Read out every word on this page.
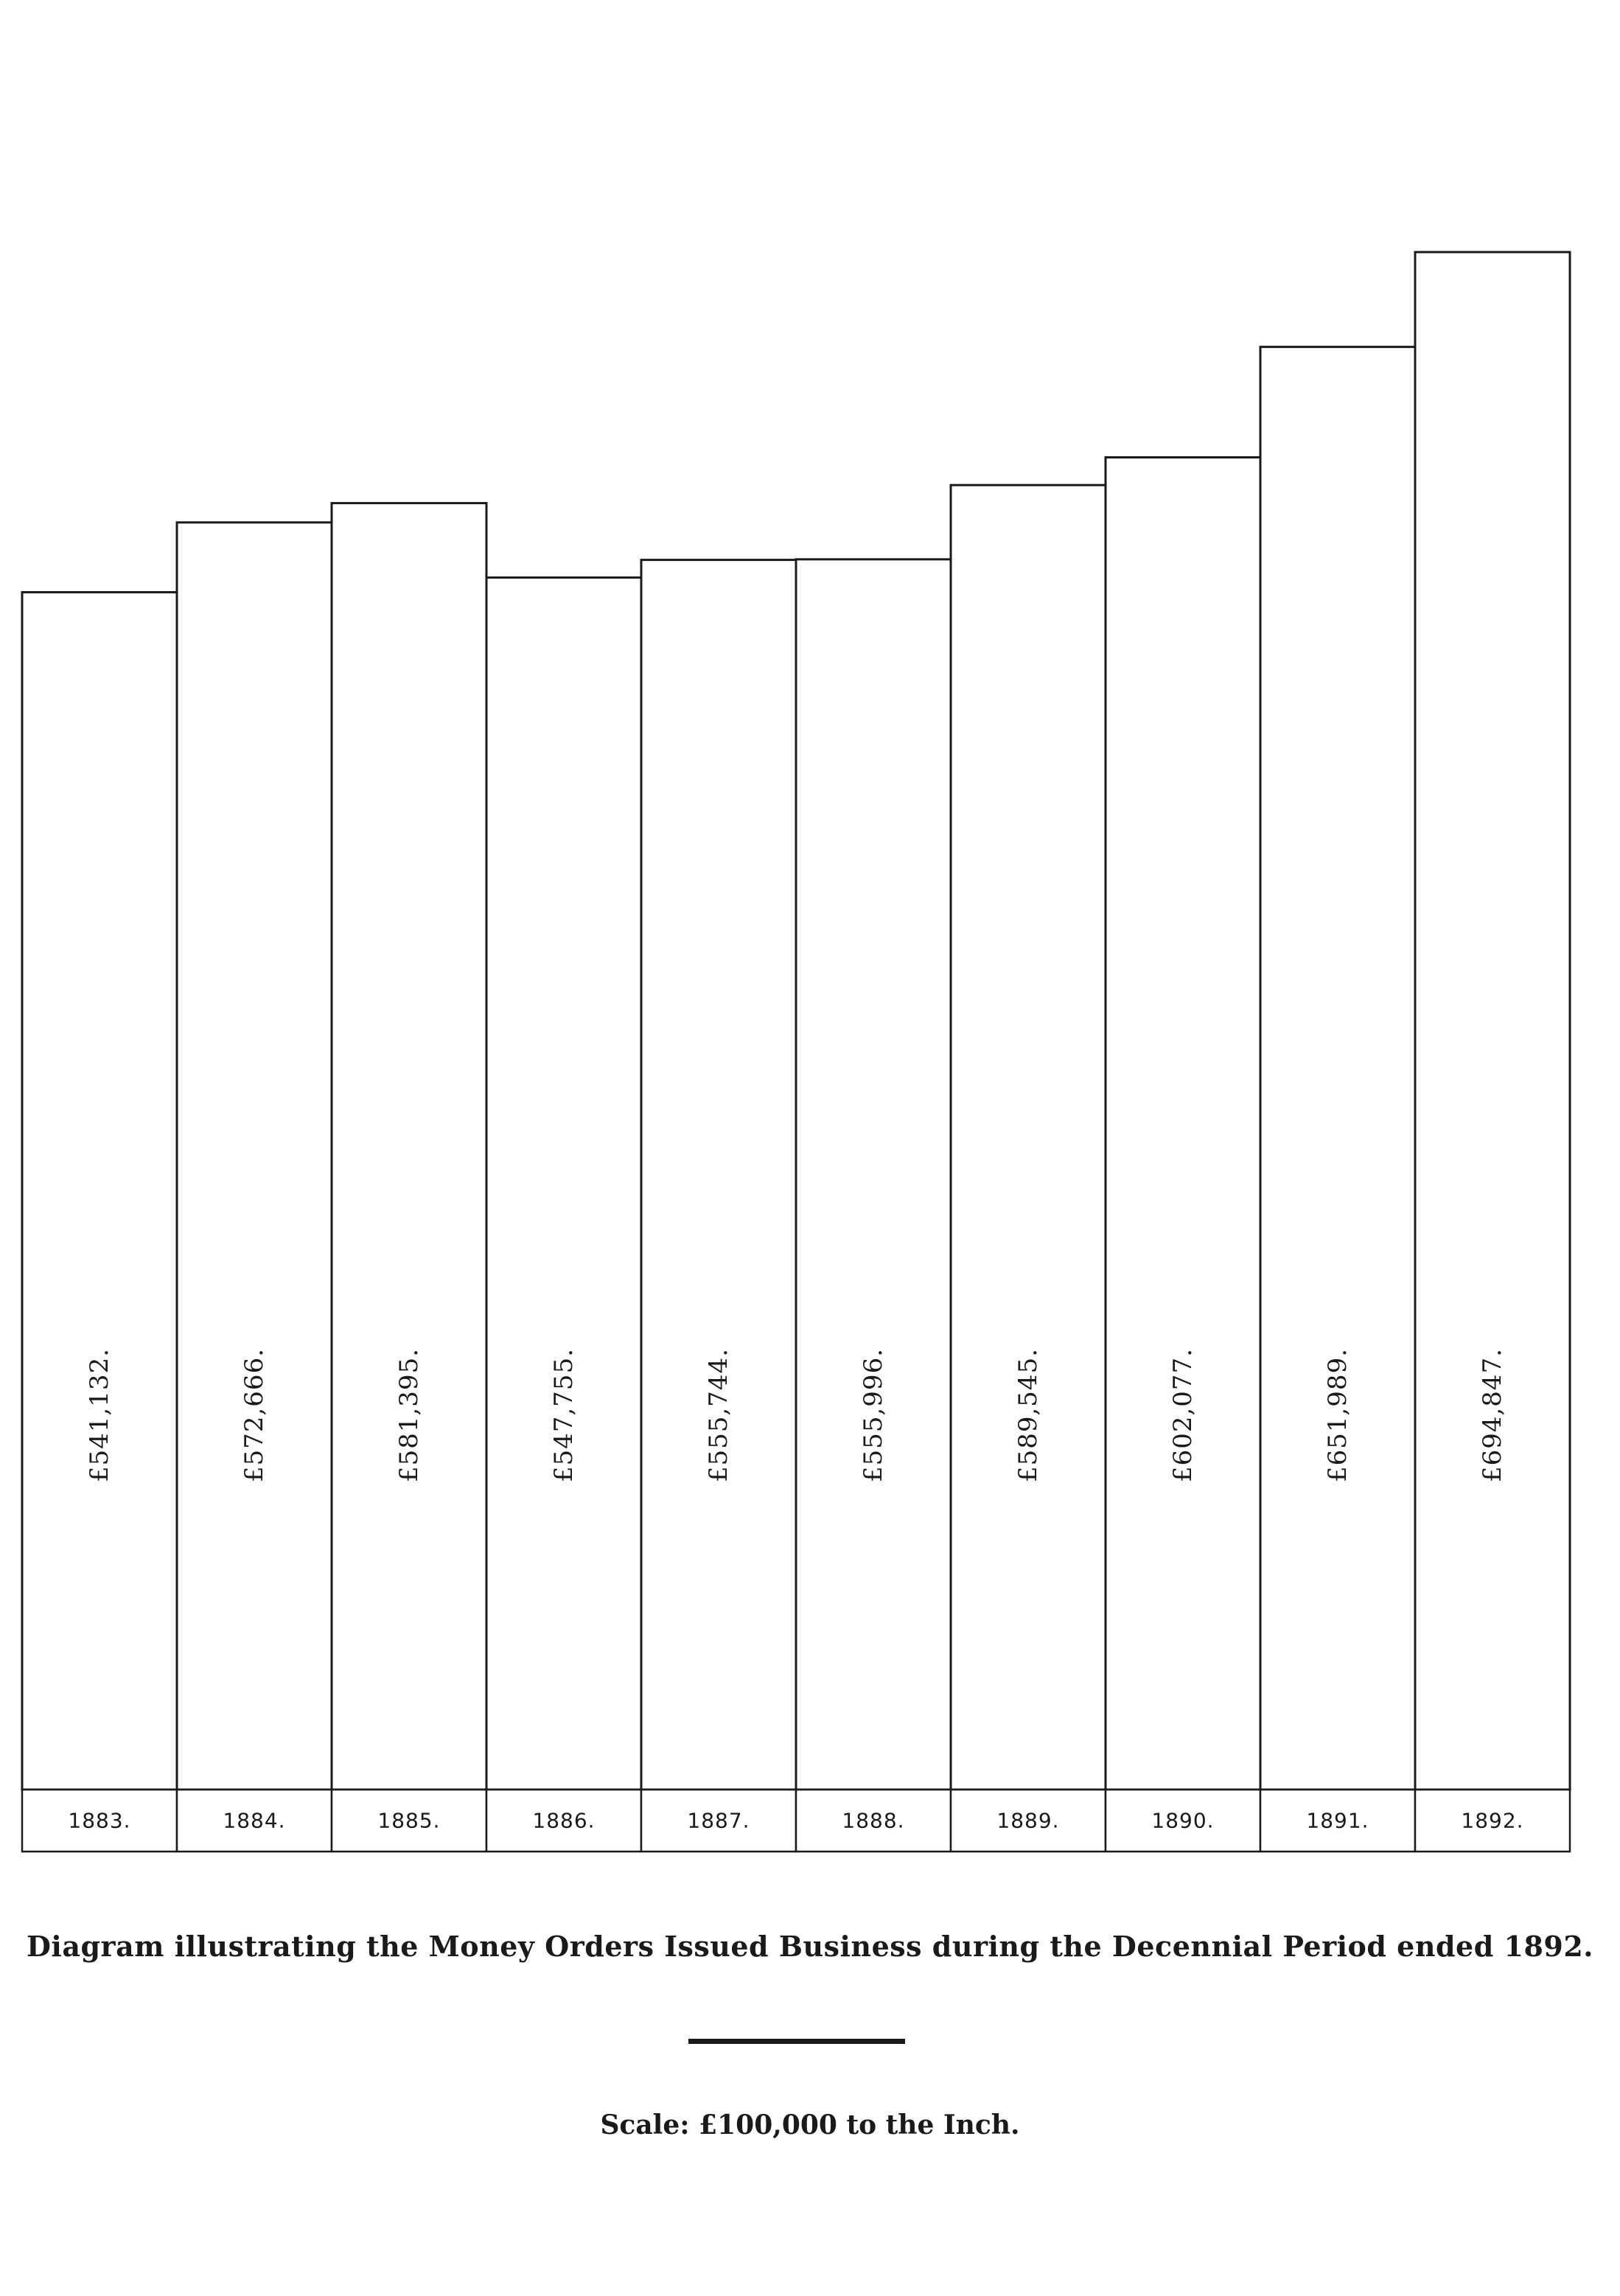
£541,132.	£572,666.	£581,395.	£547,755.	£555,744.	£555,996.	£589,545.	£602,077.	£651,989.	£694,847.
1883.	1884.	1885.	1886.	1887.	1888.	1889.	1890.	1891.	1892.
Diagram illustrating the Money Orders Issued Business during the Decennial Period ended 1892.
Scale: £100,000 to the Inch.
